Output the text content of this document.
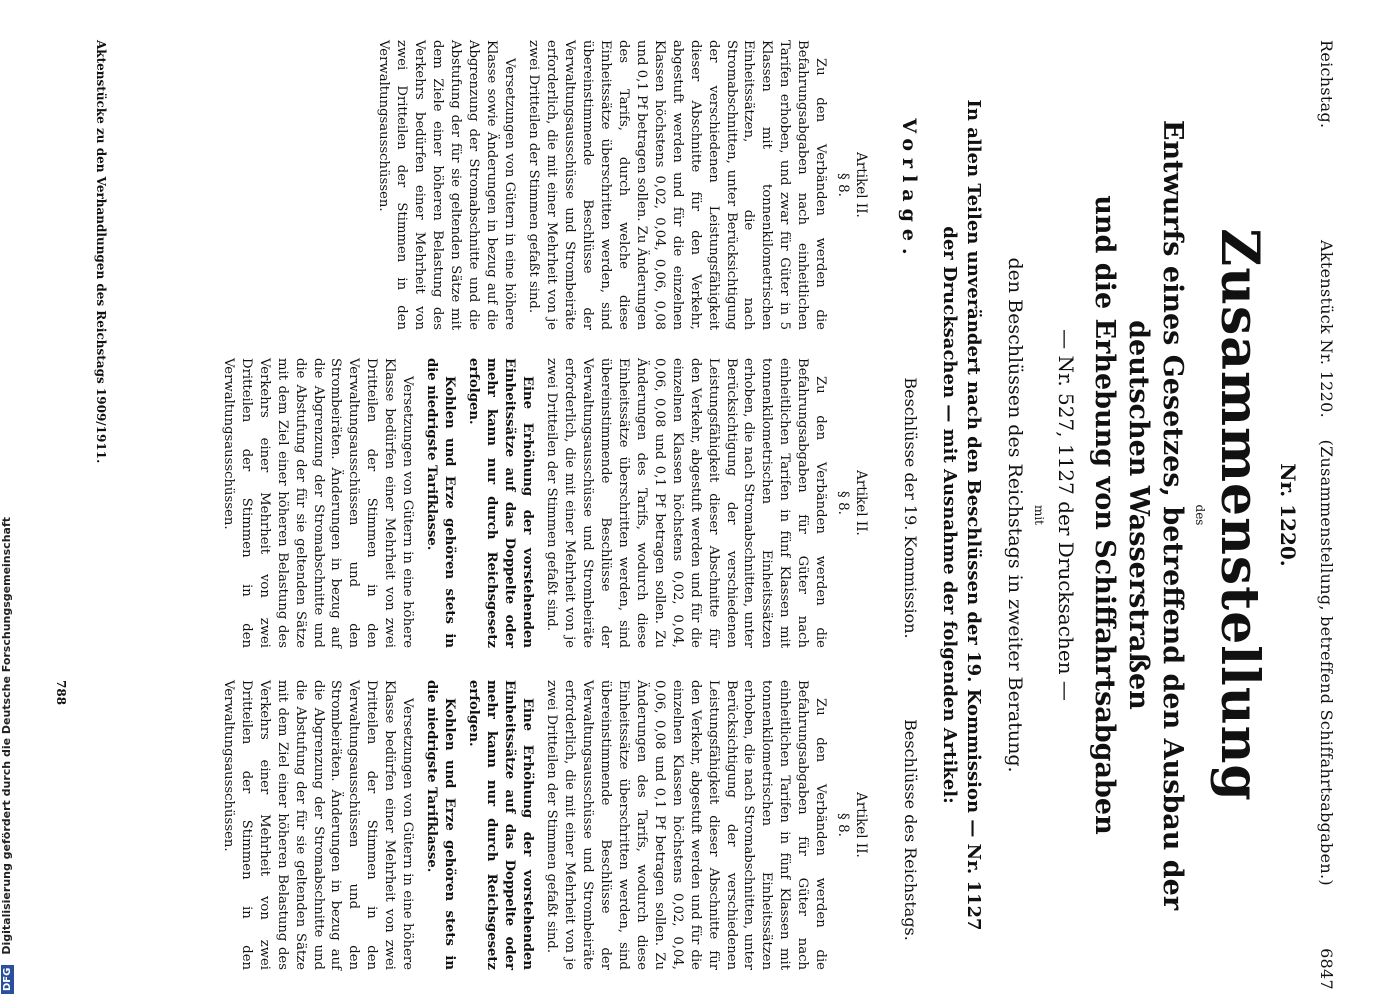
Reichstag.
Aktenstück Nr. 1220.    (Zusammenstellung, betreffend Schiffahrtsabgaben.)
6847
Nr. 1220.
Zusammenstellung
des
Entwurfs eines Gesetzes, betreffend den Ausbau der deutschen Wasserstraßen
und die Erhebung von Schiffahrtsabgaben
— Nr. 527, 1127 der Drucksachen —
mit
den Beschlüssen des Reichstags in zweiter Beratung.
In allen Teilen unverändert nach den Beschlüssen der 19. Kommission — Nr. 1127
der Drucksachen — mit Ausnahme der folgenden Artikel:
Vorlage.
Beschlüsse der 19. Kommission.
Beschlüsse des Reichstags.
Artikel II.
§ 8.

Zu den Verbänden werden die Befahrungsabgaben nach einheitlichen Tarifen erhoben, und zwar für Güter in 5 Klassen mit tonnenkilometrischen Einheitssätzen, die nach Stromabschnitten, unter Berücksichtigung der verschiedenen Leistungsfähigkeit dieser Abschnitte für den Verkehr, abgestuft werden und für die einzelnen Klassen höchstens 0,02, 0,04, 0,06, 0,08 und 0,1 Pf betragen sollen. Zu Änderungen des Tarifs, durch welche diese Einheitssätze überschritten werden, sind übereinstimmende Beschlüsse der Verwaltungsausschüsse und Strombeiräte erforderlich, die mit einer Mehrheit von je zwei Dritteilen der Stimmen gefaßt sind.

Versetzungen von Gütern in eine höhere Klasse sowie Änderungen in bezug auf die Abgrenzung der Stromabschnitte und die Abstufung der für sie geltenden Sätze mit dem Ziele einer höheren Belastung des Verkehrs bedürfen einer Mehrheit von zwei Dritteilen der Stimmen in den Verwaltungsausschüssen.

Artikel II.
§ 8.

Zu den Verbänden werden die Befahrungsabgaben für Güter nach einheitlichen Tarifen in fünf Klassen mit tonnenkilometrischen Einheitssätzen erhoben, die nach Stromabschnitten, unter Berücksichtigung der verschiedenen Leistungsfähigkeit dieser Abschnitte für den Verkehr, abgestuft werden und für die einzelnen Klassen höchstens 0,02, 0,04, 0,06, 0,08 und 0,1 Pf betragen sollen. Zu Änderungen des Tarifs, wodurch diese Einheitssätze überschritten werden, sind übereinstimmende Beschlüsse der Verwaltungsausschüsse und Strombeiräte erforderlich, die mit einer Mehrheit von je zwei Dritteilen der Stimmen gefaßt sind.

Eine Erhöhung der vorstehenden Einheitssätze auf das Doppelte oder mehr kann nur durch Reichsgesetz erfolgen.

Kohlen und Erze gehören stets in die niedrigste Tarifklasse.

Versetzungen von Gütern in eine höhere Klasse bedürfen einer Mehrheit von zwei Dritteilen der Stimmen in den Verwaltungsausschüssen und den Strombeiräten. Änderungen in bezug auf die Abgrenzung der Stromabschnitte und die Abstufung der für sie geltenden Sätze mit dem Ziel einer höheren Belastung des Verkehrs einer Mehrheit von zwei Dritteilen der Stimmen in den Verwaltungsausschüssen.

Artikel II.
§ 8.

Zu den Verbänden werden die Befahrungsabgaben für Güter nach einheitlichen Tarifen in fünf Klassen mit tonnenkilometrischen Einheitssätzen erhoben, die nach Stromabschnitten, unter Berücksichtigung der verschiedenen Leistungsfähigkeit dieser Abschnitte für den Verkehr, abgestuft werden und für die einzelnen Klassen höchstens 0,02, 0,04, 0,06, 0,08 und 0,1 Pf betragen sollen. Zu Änderungen des Tarifs, wodurch diese Einheitssätze überschritten werden, sind übereinstimmende Beschlüsse der Verwaltungsausschüsse und Strombeiräte erforderlich, die mit einer Mehrheit von je zwei Dritteilen der Stimmen gefaßt sind.

Eine Erhöhung der vorstehenden Einheitssätze auf das Doppelte oder mehr kann nur durch Reichsgesetz erfolgen.

Kohlen und Erze gehören stets in die niedrigste Tarifklasse.

Versetzungen von Gütern in eine höhere Klasse bedürfen einer Mehrheit von zwei Dritteilen der Stimmen in den Verwaltungsausschüssen und den Strombeiräten. Änderungen in bezug auf die Abgrenzung der Stromabschnitte und die Abstufung der für sie geltenden Sätze mit dem Ziel einer höheren Belastung des Verkehrs einer Mehrheit von zwei Dritteilen der Stimmen in den Verwaltungsausschüssen.

Aktenstücke zu den Verhandlungen des Reichstags 1909/1911.
788
DFGDigitalisierung gefördert durch die Deutsche Forschungsgemeinschaft
